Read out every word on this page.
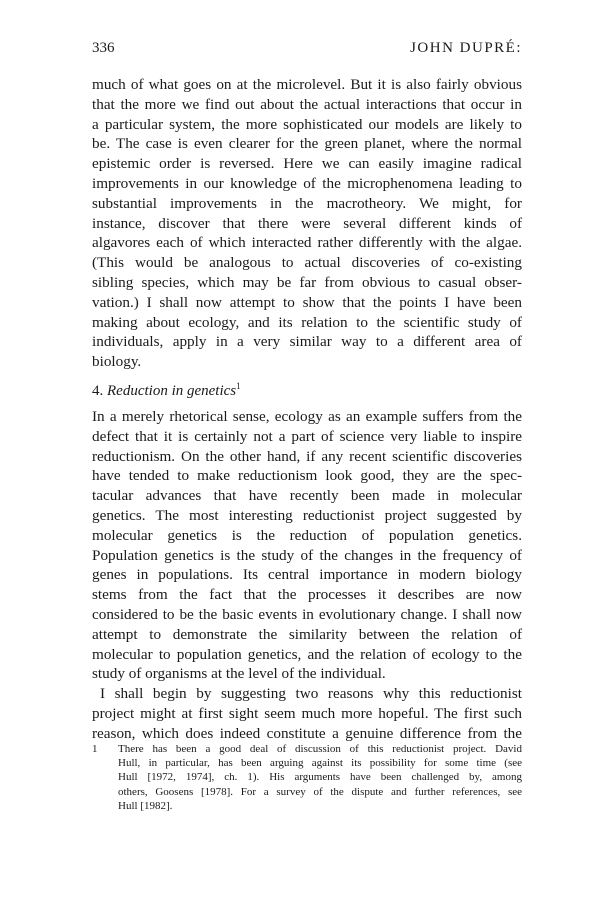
336	JOHN DUPRÉ:
much of what goes on at the microlevel. But it is also fairly obvious
that the more we find out about the actual interactions that occur in
a particular system, the more sophisticated our models are likely to
be. The case is even clearer for the green planet, where the normal
epistemic order is reversed. Here we can easily imagine radical
improvements in our knowledge of the microphenomena leading to
substantial improvements in the macrotheory. We might, for
instance, discover that there were several different kinds of
algavores each of which interacted rather differently with the algae.
(This would be analogous to actual discoveries of co-existing
sibling species, which may be far from obvious to casual obser-
vation.) I shall now attempt to show that the points I have been
making about ecology, and its relation to the scientific study of
individuals, apply in a very similar way to a different area of
biology.
4. Reduction in genetics$^1$
In a merely rhetorical sense, ecology as an example suffers from the
defect that it is certainly not a part of science very liable to inspire
reductionism. On the other hand, if any recent scientific discoveries
have tended to make reductionism look good, they are the spec-
tacular advances that have recently been made in molecular
genetics. The most interesting reductionist project suggested by
molecular genetics is the reduction of population genetics.
Population genetics is the study of the changes in the frequency of
genes in populations. Its central importance in modern biology
stems from the fact that the processes it describes are now
considered to be the basic events in evolutionary change. I shall now
attempt to demonstrate the similarity between the relation of
molecular to population genetics, and the relation of ecology to the
study of organisms at the level of the individual.
I shall begin by suggesting two reasons why this reductionist
project might at first sight seem much more hopeful. The first such
reason, which does indeed constitute a genuine difference from the
1 There has been a good deal of discussion of this reductionist project. David
Hull, in particular, has been arguing against its possibility for some time (see
Hull [1972, 1974], ch. 1). His arguments have been challenged by, among
others, Goosens [1978]. For a survey of the dispute and further references, see
Hull [1982].
